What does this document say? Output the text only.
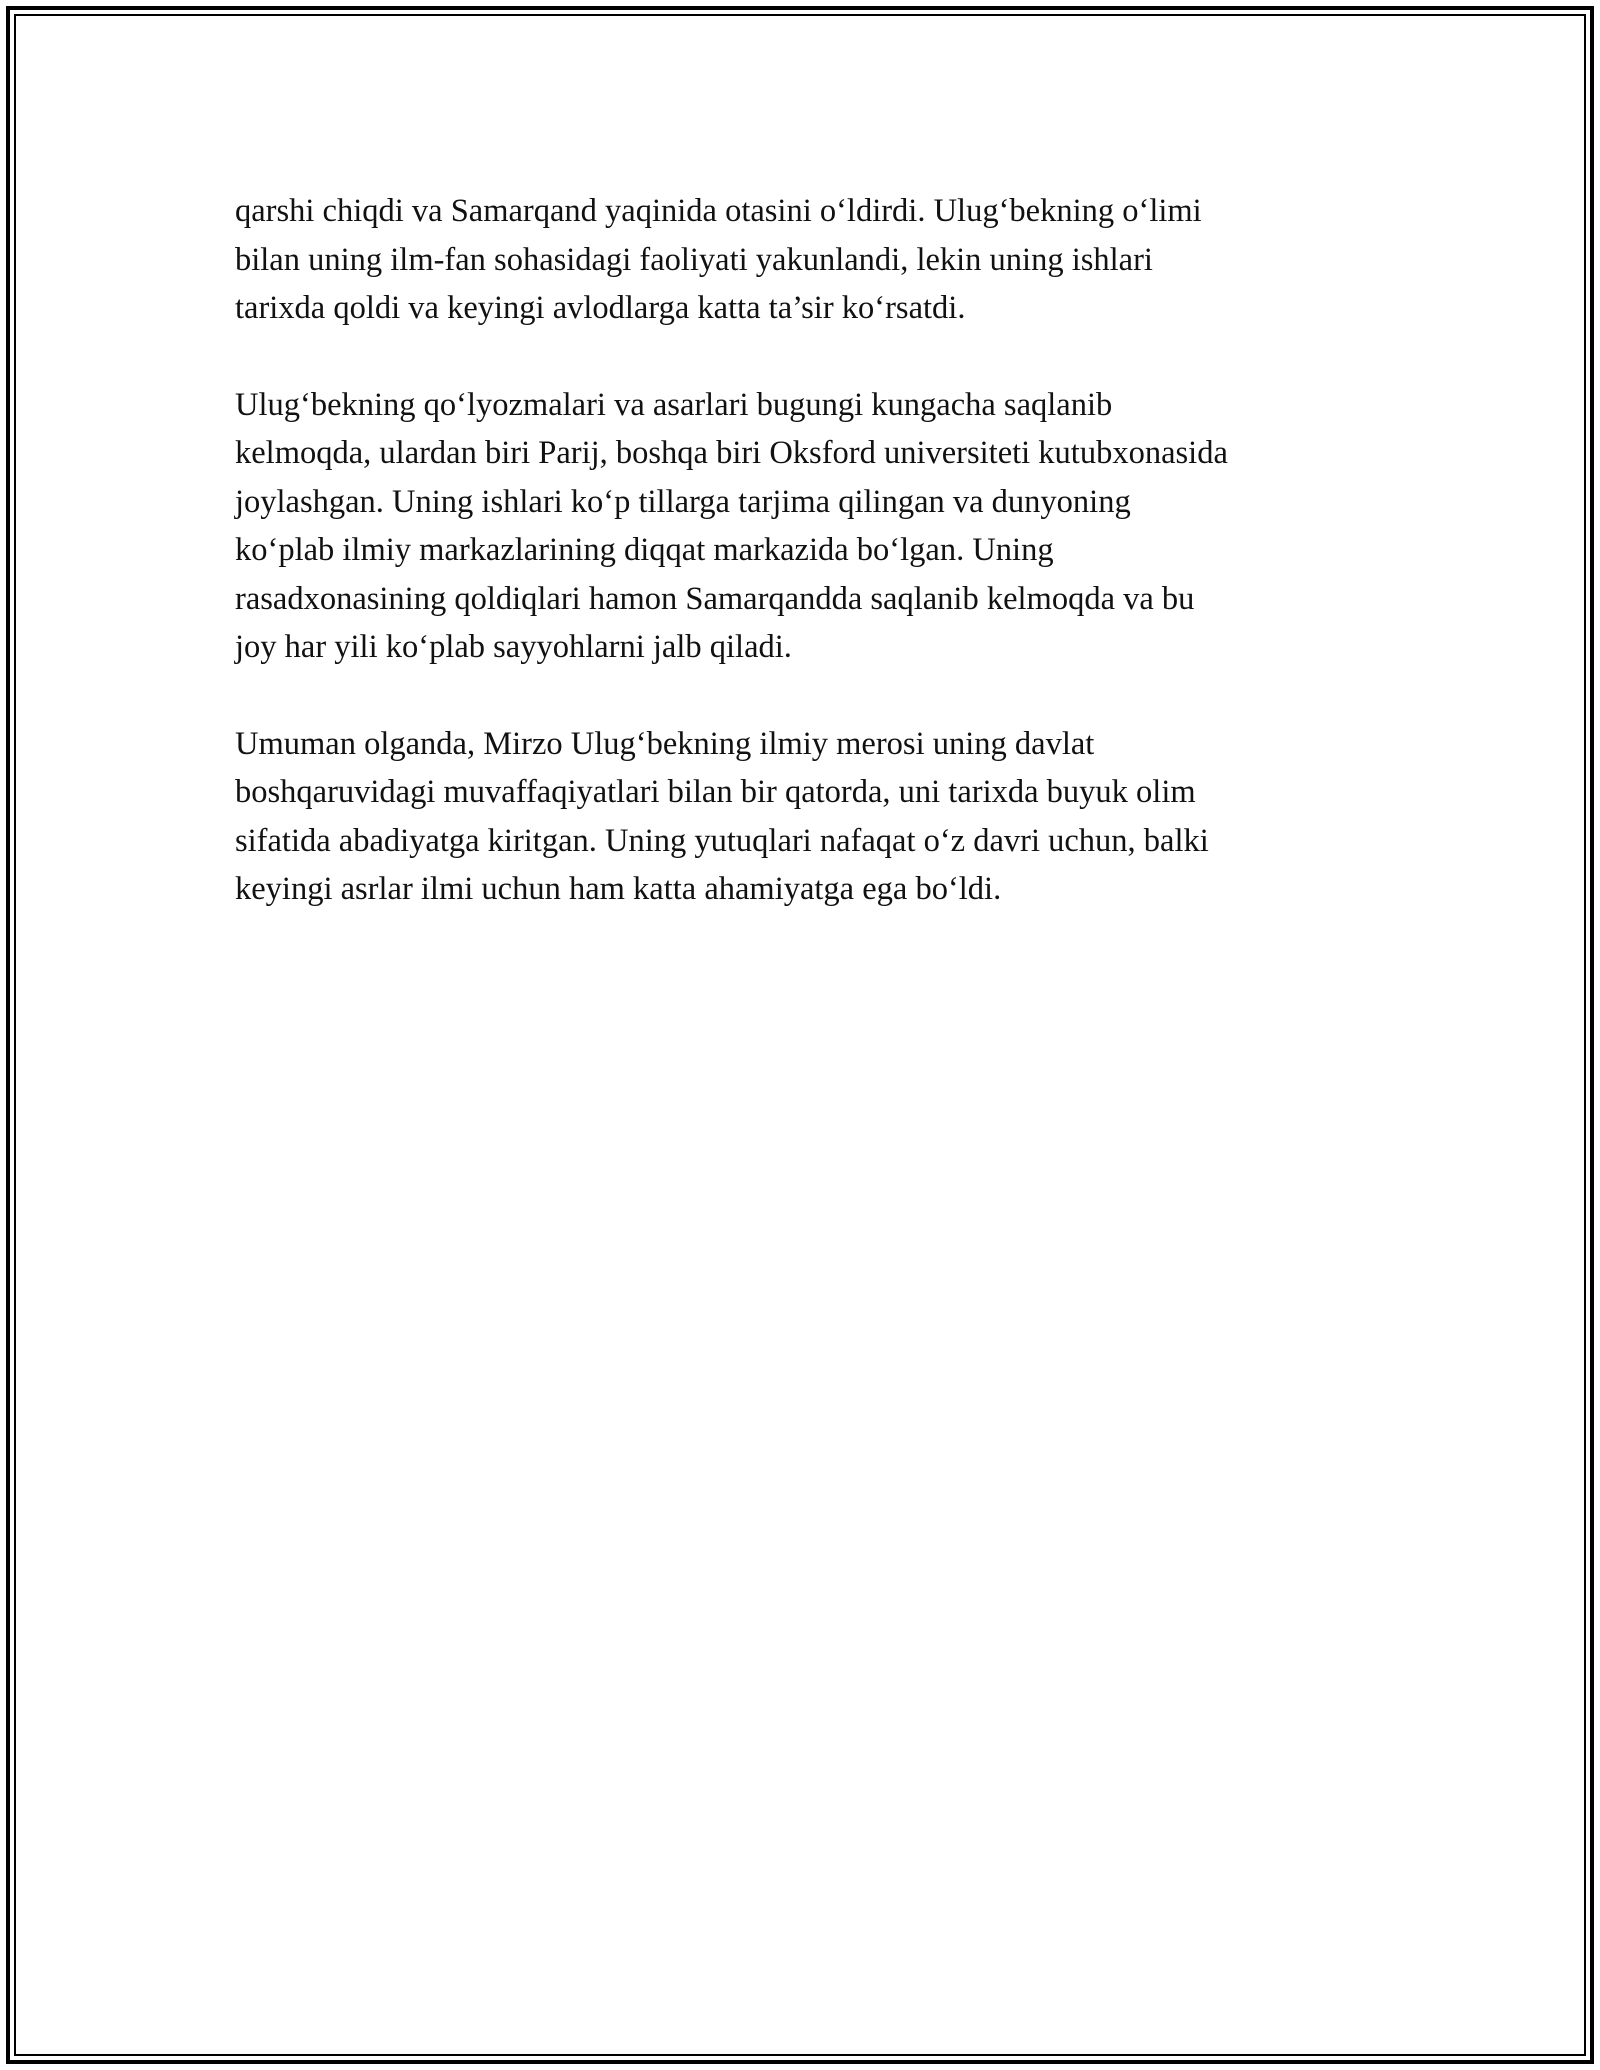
qarshi chiqdi va Samarqand yaqinida otasini o‘ldirdi. Ulug‘bekning o‘limi
bilan uning ilm-fan sohasidagi faoliyati yakunlandi, lekin uning ishlari
tarixda qoldi va keyingi avlodlarga katta ta’sir ko‘rsatdi.

Ulug‘bekning qo‘lyozmalari va asarlari bugungi kungacha saqlanib
kelmoqda, ulardan biri Parij, boshqa biri Oksford universiteti kutubxonasida
joylashgan. Uning ishlari ko‘p tillarga tarjima qilingan va dunyoning
ko‘plab ilmiy markazlarining diqqat markazida bo‘lgan. Uning
rasadxonasining qoldiqlari hamon Samarqandda saqlanib kelmoqda va bu
joy har yili ko‘plab sayyohlarni jalb qiladi.

Umuman olganda, Mirzo Ulug‘bekning ilmiy merosi uning davlat
boshqaruvidagi muvaffaqiyatlari bilan bir qatorda, uni tarixda buyuk olim
sifatida abadiyatga kiritgan. Uning yutuqlari nafaqat o‘z davri uchun, balki
keyingi asrlar ilmi uchun ham katta ahamiyatga ega bo‘ldi.
